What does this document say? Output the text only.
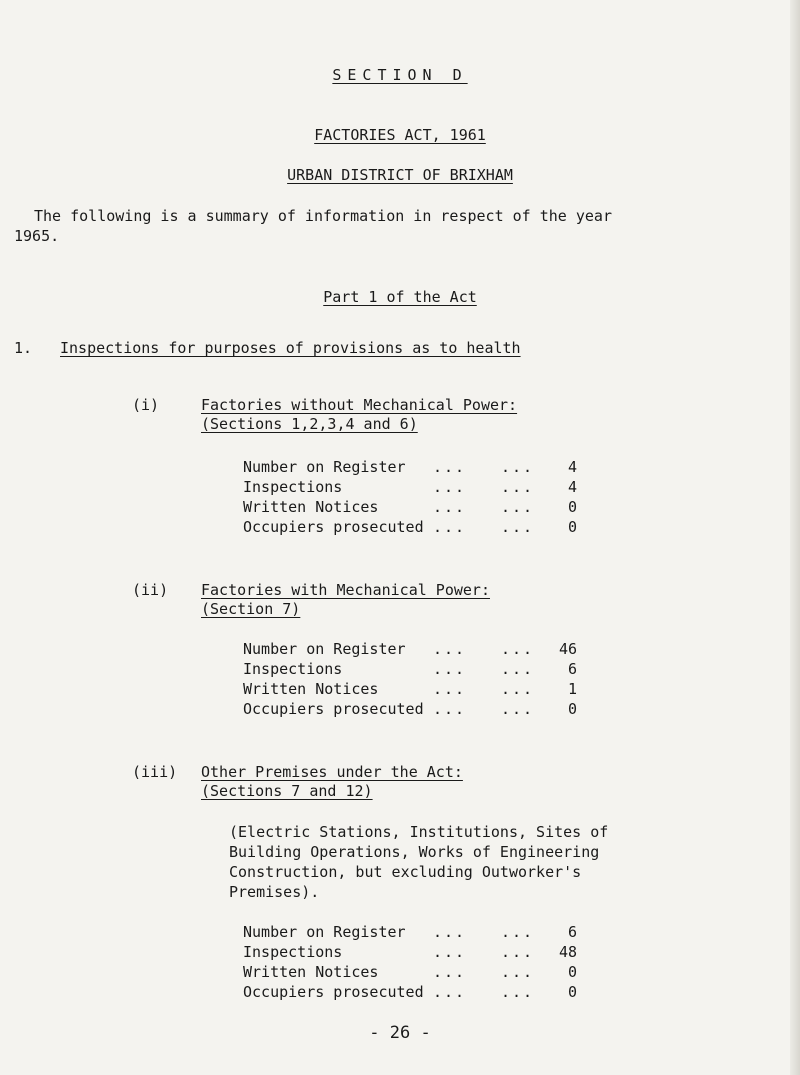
SECTION D
FACTORIES ACT, 1961
URBAN DISTRICT OF BRIXHAM
The following is a summary of information in respect of the year
1965.
Part 1 of the Act
1. Inspections for purposes of provisions as to health
(i)	Factories without Mechanical Power:
(Sections 1,2,3,4 and 6)
Number on Register ... ...	4
Inspections	... ...	4
Written Notices	... ...	0
Occupiers prosecuted ... ...	0
(ii) Factories with Mechanical Power:
(Section 7)
Number on Register ... ...	46
Inspections	... ...	6
Written Notices	... ...	1
Occupiers prosecuted ... ...	0
(iii) Other Premises under the Act:
(Sections 7 and 12)
(Electric Stations, Institutions, Sites of
Building Operations, Works of Engineering
Construction, but excluding Outworker's
Premises).
Number on Register ... ...	6
Inspections	... ...	48
Written Notices	... ...	0
Occupiers prosecuted ... ...	0
- 26 -
